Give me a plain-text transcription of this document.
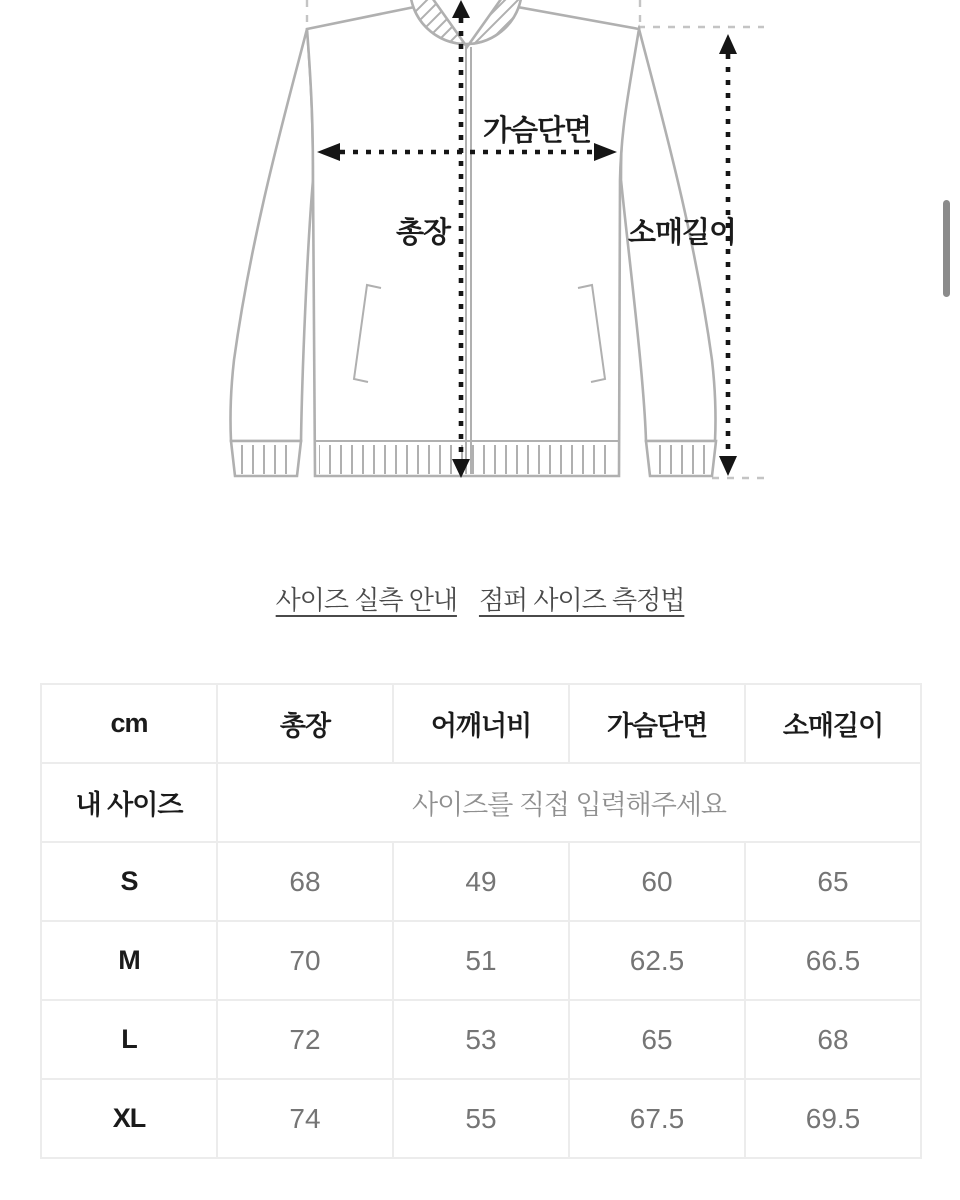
가슴단면
총장	소매길이
사이즈 실측 안내 점퍼 사이즈 측정법
cm	총장	어깨너비	가슴단면	소매길이
내 사이즈	사이즈를 직접 입력해주세요			
S	68	49	60	65
M	70	51	62.5	66.5
L	72	53	65	68
XL	74	55	67.5	69.5
